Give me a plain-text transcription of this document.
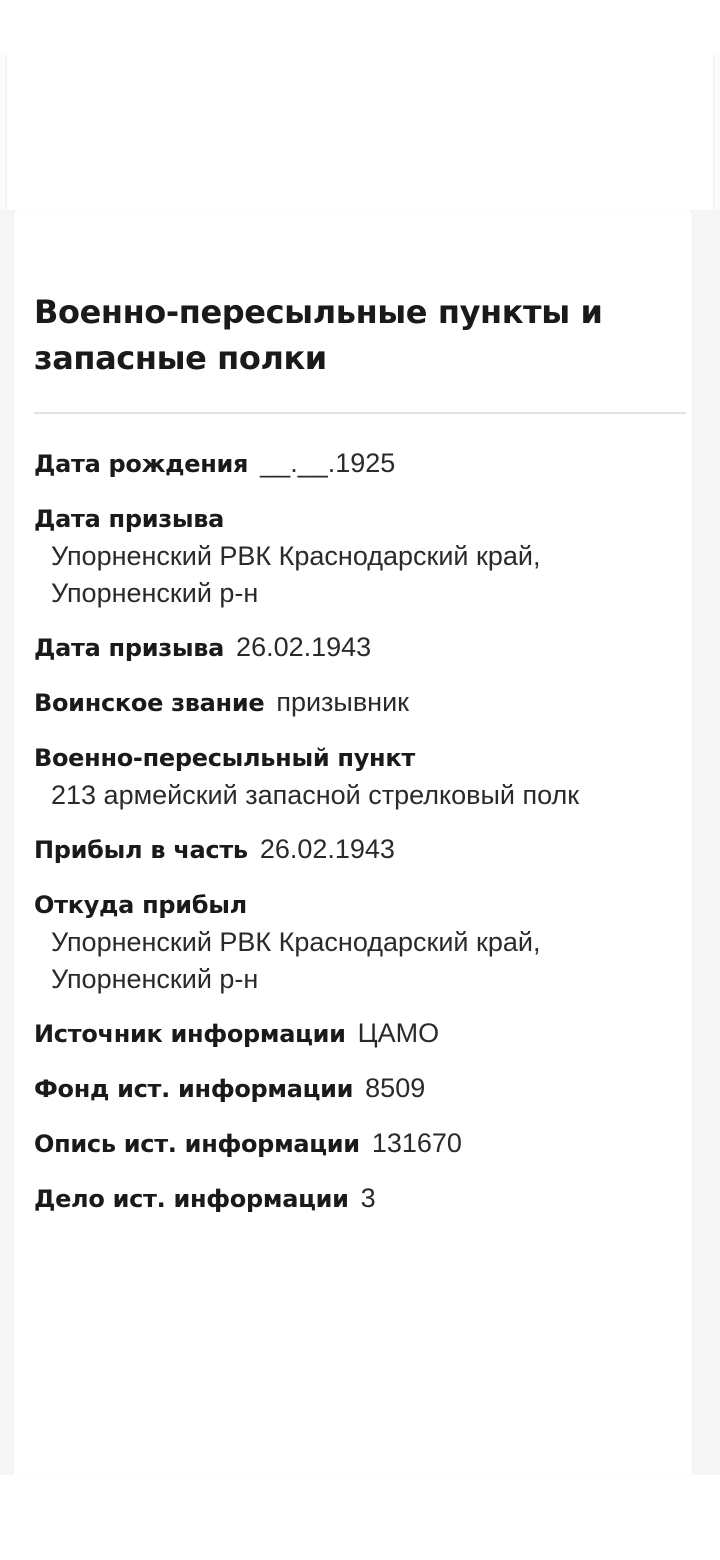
Военно-пересыльные пункты и запасные полки
Дата рождения __.__.1925
Дата призыва
Упорненский РВК Краснодарский край, Упорненский р-н
Дата призыва 26.02.1943
Воинское звание призывник
Военно-пересыльный пункт
213 армейский запасной стрелковый полк
Прибыл в часть 26.02.1943
Откуда прибыл
Упорненский РВК Краснодарский край, Упорненский р-н
Источник информации ЦАМО
Фонд ист. информации 8509
Опись ист. информации 131670
Дело ист. информации 3
